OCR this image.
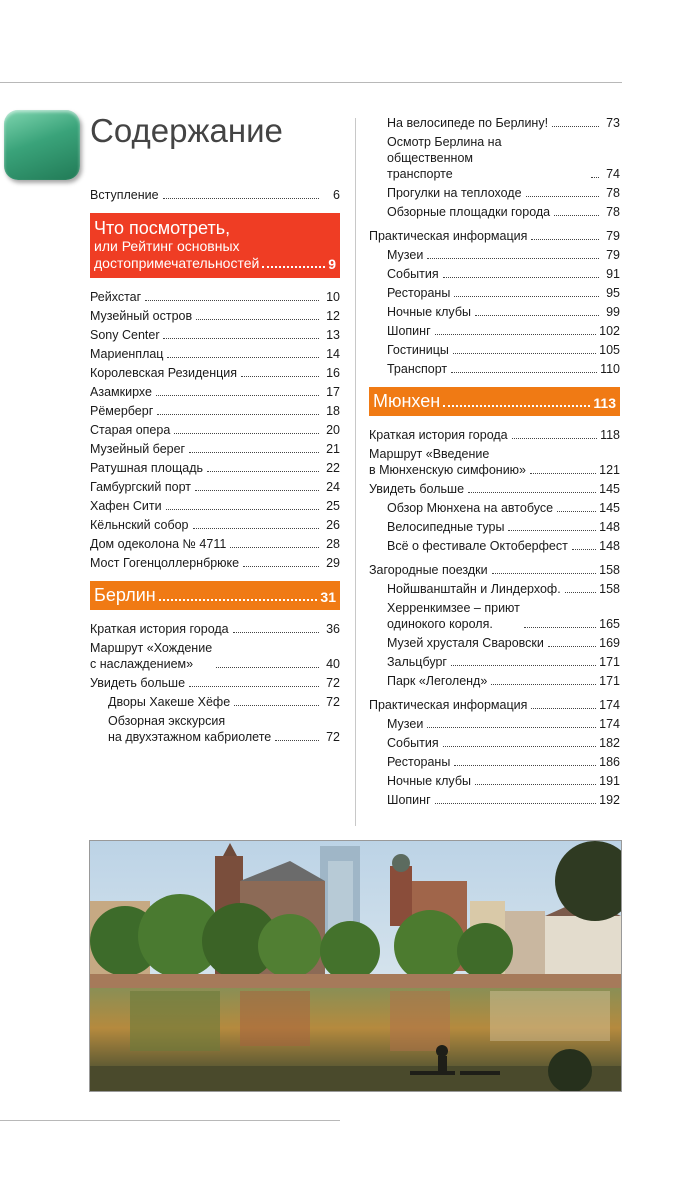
Содержание
Вступление	6
Что посмотреть,
или Рейтинг основных
достопримечательностей	9
Рейхстаг	10
Музейный остров	12
Sony Center	13
Мариенплац	14
Королевская Резиденция	16
Азамкирхе	17
Рёмерберг	18
Старая опера	20
Музейный берег	21
Ратушная площадь	22
Гамбургский порт	24
Хафен Сити	25
Кёльнский собор	26
Дом одеколона № 4711	28
Мост Гогенцоллернбрюке	29
Берлин	31
Краткая история города	36
Маршрут «Хождение
с наслаждением»	40
Увидеть больше	72
Дворы Хакеше Хёфе	72
Обзорная экскурсия
на двухэтажном кабриолете	72
На велосипеде по Берлину!	73
Осмотр Берлина на общественном
транспорте	74
Прогулки на теплоходе	78
Обзорные площадки города	78
Практическая информация	79
Музеи	79
События	91
Рестораны	95
Ночные клубы	99
Шопинг	102
Гостиницы	105
Транспорт	110
Мюнхен	113
Краткая история города	118
Маршрут «Введение
в Мюнхенскую симфонию»	121
Увидеть больше	145
Обзор Мюнхена на автобусе	145
Велосипедные туры	148
Всё о фестивале Октоберфест	148
Загородные поездки	158
Нойшванштайн и Линдерхоф.	158
Херренкимзее – приют
одинокого короля.	165
Музей хрусталя Сваровски	169
Зальцбург	171
Парк «Леголенд»	171
Практическая информация	174
Музеи	174
События	182
Рестораны	186
Ночные клубы	191
Шопинг	192
